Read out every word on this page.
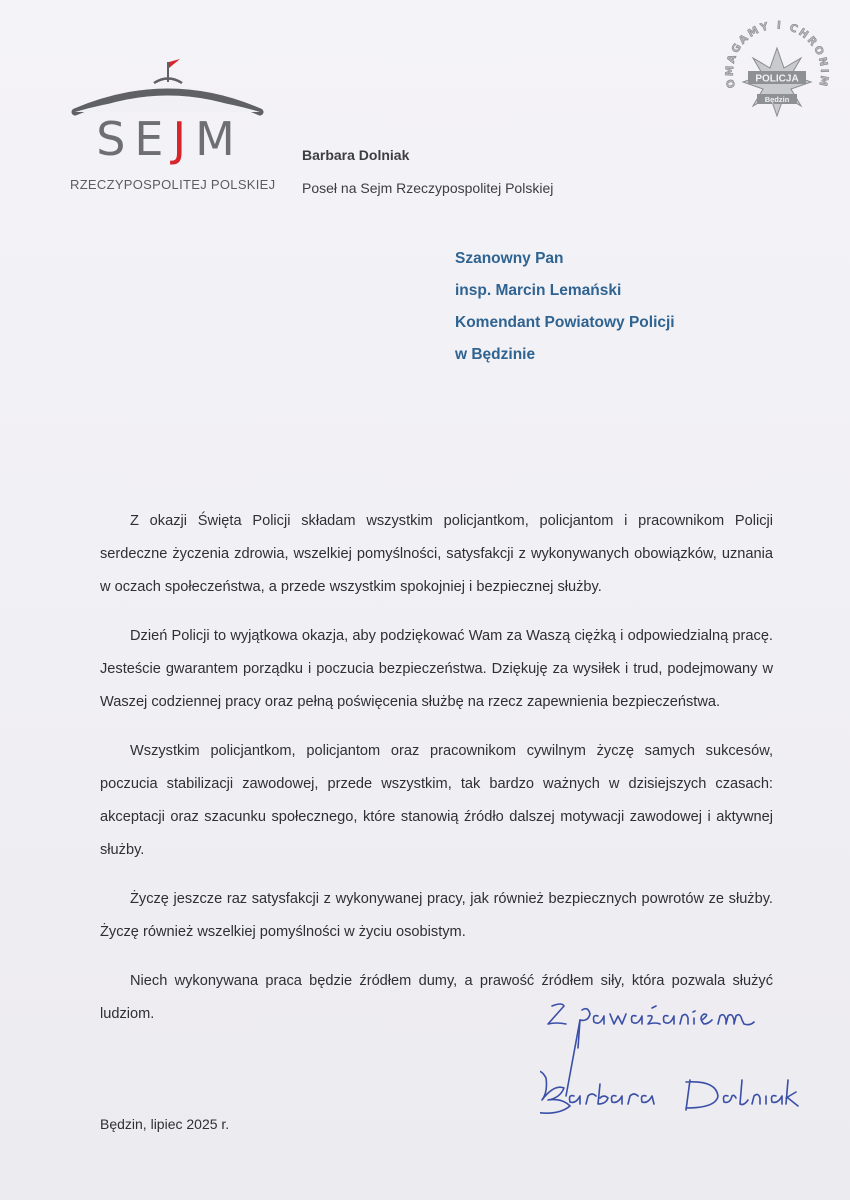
SEJM
RZECZYPOSPOLITEJ POLSKIEJ
Barbara Dolniak
Poseł na Sejm Rzeczypospolitej Polskiej
OMAGAMY I CHRONIM
POLICJA
Będzin
Szanowny Pan
insp. Marcin Lemański
Komendant Powiatowy Policji
w Będzinie

Z okazji Święta Policji składam wszystkim policjantkom, policjantom i pracownikom Policji serdeczne życzenia zdrowia, wszelkiej pomyślności, satysfakcji z wykonywanych obowiązków, uznania w oczach społeczeństwa, a przede wszystkim spokojniej i bezpiecznej służby.

Dzień Policji to wyjątkowa okazja, aby podziękować Wam za Waszą ciężką i odpowiedzialną pracę. Jesteście gwarantem porządku i poczucia bezpieczeństwa. Dziękuję za wysiłek i trud, podejmowany w Waszej codziennej pracy oraz pełną poświęcenia służbę na rzecz zapewnienia bezpieczeństwa.

Wszystkim policjantkom, policjantom oraz pracownikom cywilnym życzę samych sukcesów, poczucia stabilizacji zawodowej, przede wszystkim, tak bardzo ważnych w dzisiejszych czasach: akceptacji oraz szacunku społecznego, które stanowią źródło dalszej motywacji zawodowej i aktywnej służby.

Życzę jeszcze raz satysfakcji z wykonywanej pracy, jak również bezpiecznych powrotów ze służby. Życzę również wszelkiej pomyślności w życiu osobistym.

Niech wykonywana praca będzie źródłem dumy, a prawość źródłem siły, która pozwala służyć ludziom.

Będzin, lipiec 2025 r.
